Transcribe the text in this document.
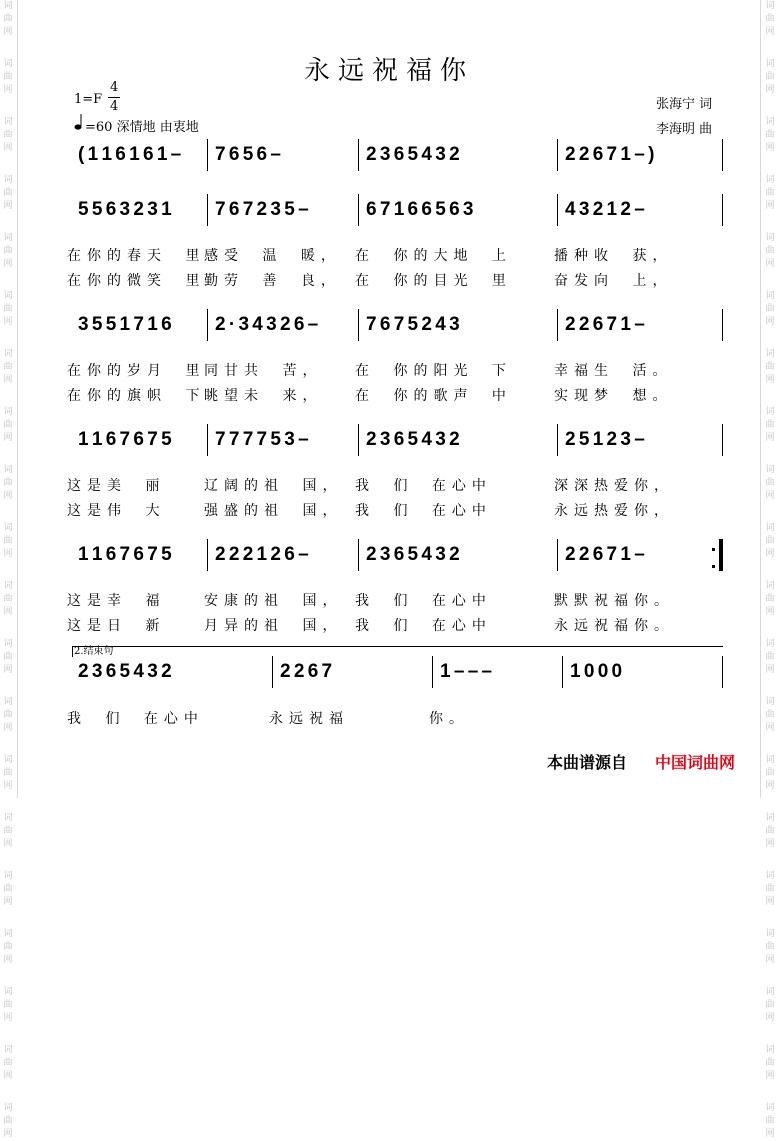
词
曲
网
词
曲
网
词
曲
网
词
曲
网
词
曲
网
词
曲
网
词
曲
网
词
曲
网
词
曲
网
词
曲
网
词
曲
网
词
曲
网
词
曲
网
词
曲
网
词
曲
网
词
曲
网
词
曲
网
词
曲
网
词
曲
网
词
曲
网
词
曲
网
词
曲
网
词
曲
网
词
曲
网
词
曲
网
词
曲
网
词
曲
网
词
曲
网
词
曲
网
词
曲
网
词
曲
网
词
曲
网
词
曲
网
词
曲
网
词
曲
网
词
曲
网
词
曲
网
词
曲
网
词
曲
网
词
曲
网
永远祝福你
1=F
4
4
=60 深情地 由衷地
张海宁 词
李海明 曲
( 1 1 6 1 6 1 –	7 6 5 6 –	2 3 6 5 4 3 2	2 2 6 7 1 – )
5 5 6 3 2 3 1	7 6 7 2 3 5 –	6 7 1 6 6 5 6 3	4 3 2 1 2 –
在你的春天 里
感受 温 暖， 在 你的大地 上	播种收 获，
在你的微笑 里
勤劳 善 良， 在 你的目光 里	奋发向 上，
3 5 5 1 7 1 6	2 · 3 4 3 2 6 –	7 6 7 5 2 4 3	2 2 6 7 1 –
在你的岁月 里
同甘共 苦， 在 你的阳光 下	幸福生 活。
在你的旗帜 下
眺望未 来， 在 你的歌声 中	实现梦 想。
1 1 6 7 6 7 5	7 7 7 7 5 3 –	2 3 6 5 4 3 2	2 5 1 2 3 –
这是美 丽	辽阔的祖 国， 我 们 在心中	深深热爱你，
这是伟 大	强盛的祖 国， 我 们 在心中	永远热爱你，
1 1 6 7 6 7 5	2 2 2 1 2 6 –	2 3 6 5 4 3 2	2 2 6 7 1 –
这是幸 福	安康的祖 国， 我 们 在心中	默默祝福你。
这是日 新	月异的祖 国， 我 们 在心中	永远祝福你。
2 3 6 5 4 3 2	2 2 6 7	1 – – –	1 0 0 0
我 们 在心中	永远祝福	你。
2.结束句
本曲谱源自 中国词曲网
